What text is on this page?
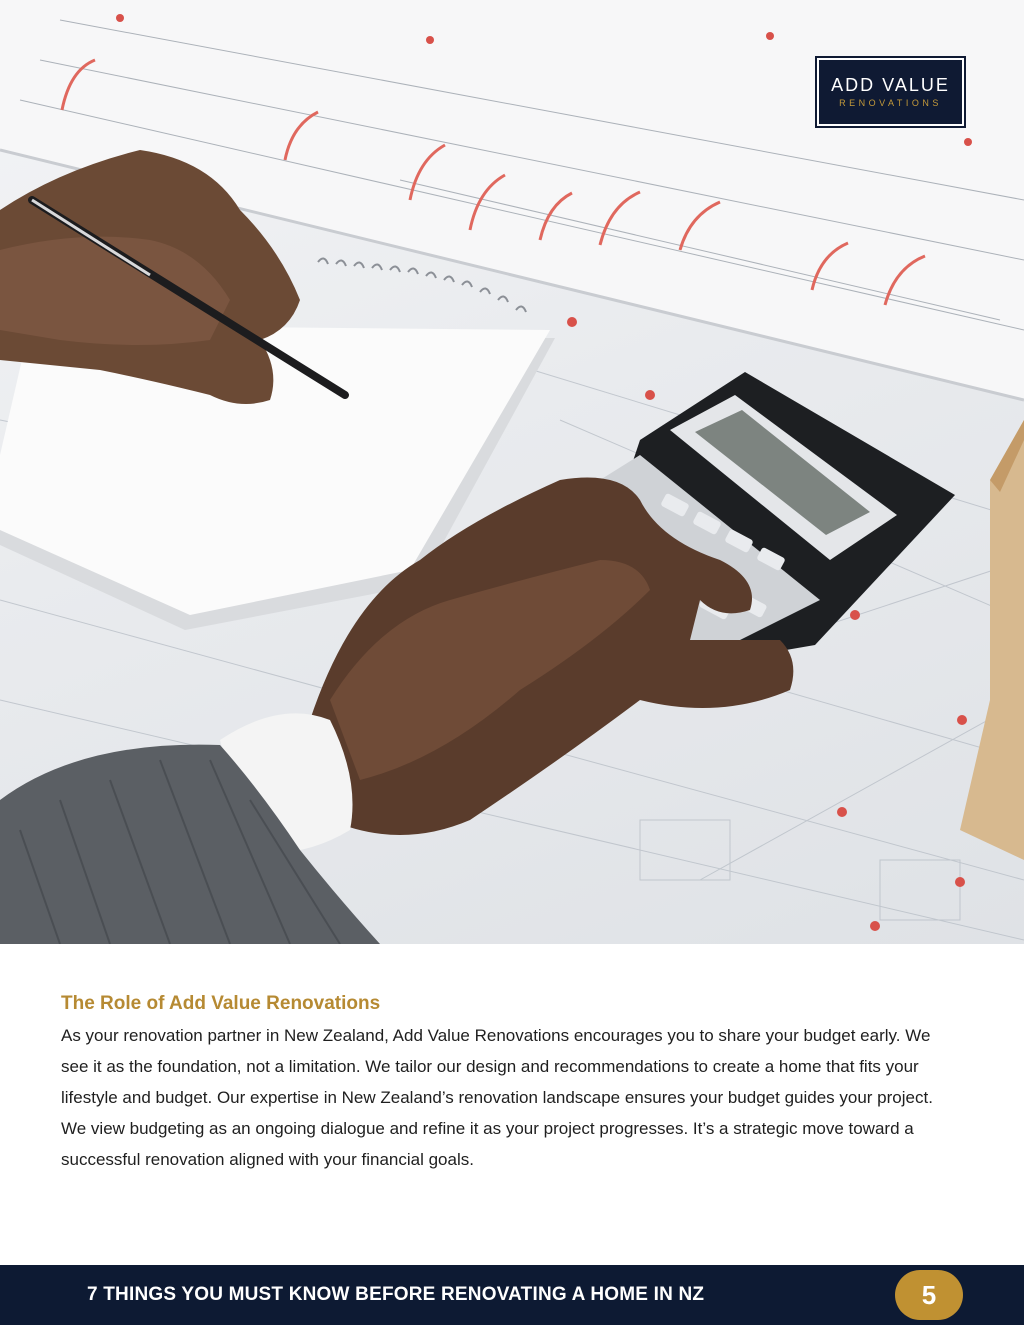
ADD VALUE
RENOVATIONS
The Role of Add Value Renovations

As your renovation partner in New Zealand, Add Value Renovations encourages you to share your budget early. We see it as the foundation, not a limitation. We tailor our design and recommendations to create a home that fits your lifestyle and budget. Our expertise in New Zealand’s renovation landscape ensures your budget guides your project. We view budgeting as an ongoing dialogue and refine it as your project progresses. It’s a strategic move toward a successful renovation aligned with your financial goals.

7 THINGS YOU MUST KNOW BEFORE RENOVATING A HOME IN NZ	5
